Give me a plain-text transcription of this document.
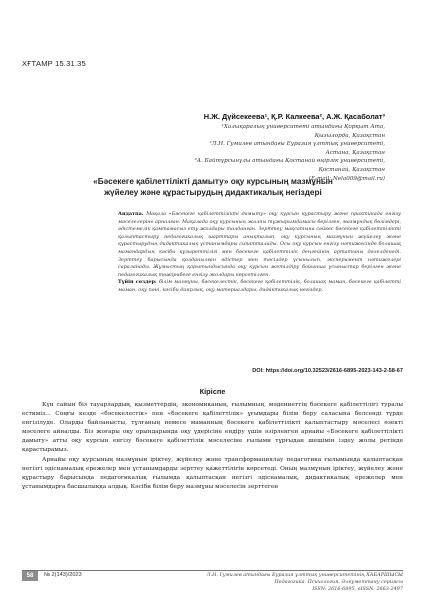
ХҒТАМР 15.31.35
Н.Ж. Дүйсекеева¹, Қ.Р. Калкеева², А.Ж. Қасаболат³
¹Халықаралық университеті атындағы Қорқыт Ата,
Қызылорда, Қазақстан
²Л.Н. Гумилев атындағы Еуразия ұлттық университеті,
Астана, Қазақстан
³А. Байтұрсынұлы атындағы Қостанай өңірлік университеті,
Қостанай, Қазақстан
(E-mail: Nela009@mail.ru)
«Бәсекеге қабілеттілікті дамыту» оқу курсының мазмұнын жүйелеу және құрастырудың дидактикалық негіздері

Андатпа. Мақала «Бәсекеге қабілеттілікті дамыту» оқу курсын құрастыру және практикада енгізу мәселелеріне арналған. Мақалада оқу курсының жалпы тұжырымдамасы берілген, мазмұндық бөлімдері, әдістемелік қамтамасыз ету жолдары талданған. Зерттеу мақсатына сәйкес бәсекеге қабілеттілікті қалыптастыру педагогикалық шарттары анықталып, оқу курсының мазмұнын жүйелеу және құрастырудың дидактикалық ұстанымдары сипатталады. Осы оқу курсын енгізу нәтижесінде болашақ мамандардың кәсіби құзыреттілігі мен бәсекеге қабілеттілік деңгейінің артатыны дәлелденеді. Зерттеу барысында қолданылған әдістер мен тәсілдер ұсынылып, эксперимент нәтижелері сараланады. Жұмыстың қорытындысында оқу курсын жетілдіру бойынша ұсыныстар берілген және педагогикалық тәжірибеге енгізу жолдары көрсетілген.

Түйін сөздер: білім мазмұны, бәсекелестік, бәсекеге қабілеттілік, болашақ маман, бәсекеге қабілетті маман, оқу пәні, кәсіби даярлық, оқу материалдары, дидактикалық негіздер.

DOI: https://doi.org/10.32523/2616-6895-2023-143-2-58-67
Кіріспе

Күн сайын біз тауарлардың, қызметтердің, экономиканың, ғылымның, мәдениеттің бәсекеге қабілеттілігі туралы естиміз... Соңғы кезде «бәсекелестік» пен «бәсекеге қабілеттілік» ұғымдары білім беру саласына белсенді түрде енгізілуде. Оларды байланысты, тұлғаның немесе маманның бәсекеге қабілеттілікті қалыптастыру мәселесі өзекті мәселеге айналды. Біз жоғары оқу орындарында оқу үдерісіне ендіру үшін әзірленген арнайы «Бәсекеге қабілеттілікті дамыту» атты оқу курсын енгізу бәсекеге қабілеттілік мәселесіне ғылыми тұрғыдан шешімін іздеу жолы ретінде қарастырамыз.

Арнайы оқу курсының мазмұнын іріктеу, жүйелеу және трансформациялау педагогика ғылымында қалыптасқан негізгі әдіснамалық ережелер мен ұстанымдарды зерттеу қажеттілігін көрсетеді. Оның мазмұнын іріктеу, жүйелеу және құрастыру барысында педагогикалық ғылымда қалыптасқан негізгі әдіснамалық, дидактикалық ережелер мен ұстанымдарға басшылыққа алдық. Кәсіби білім беру мазмұны мәселесін зерттеген

58	№ 2(143)/2023	Л.Н. Гумилев атындағы Еуразия ұлттық университетінің ХАБАРШЫСЫ
Педагогика. Психология. Әлеуметтану сериясы
ISSN: 2616-6895, eISSN: 2663-2497
